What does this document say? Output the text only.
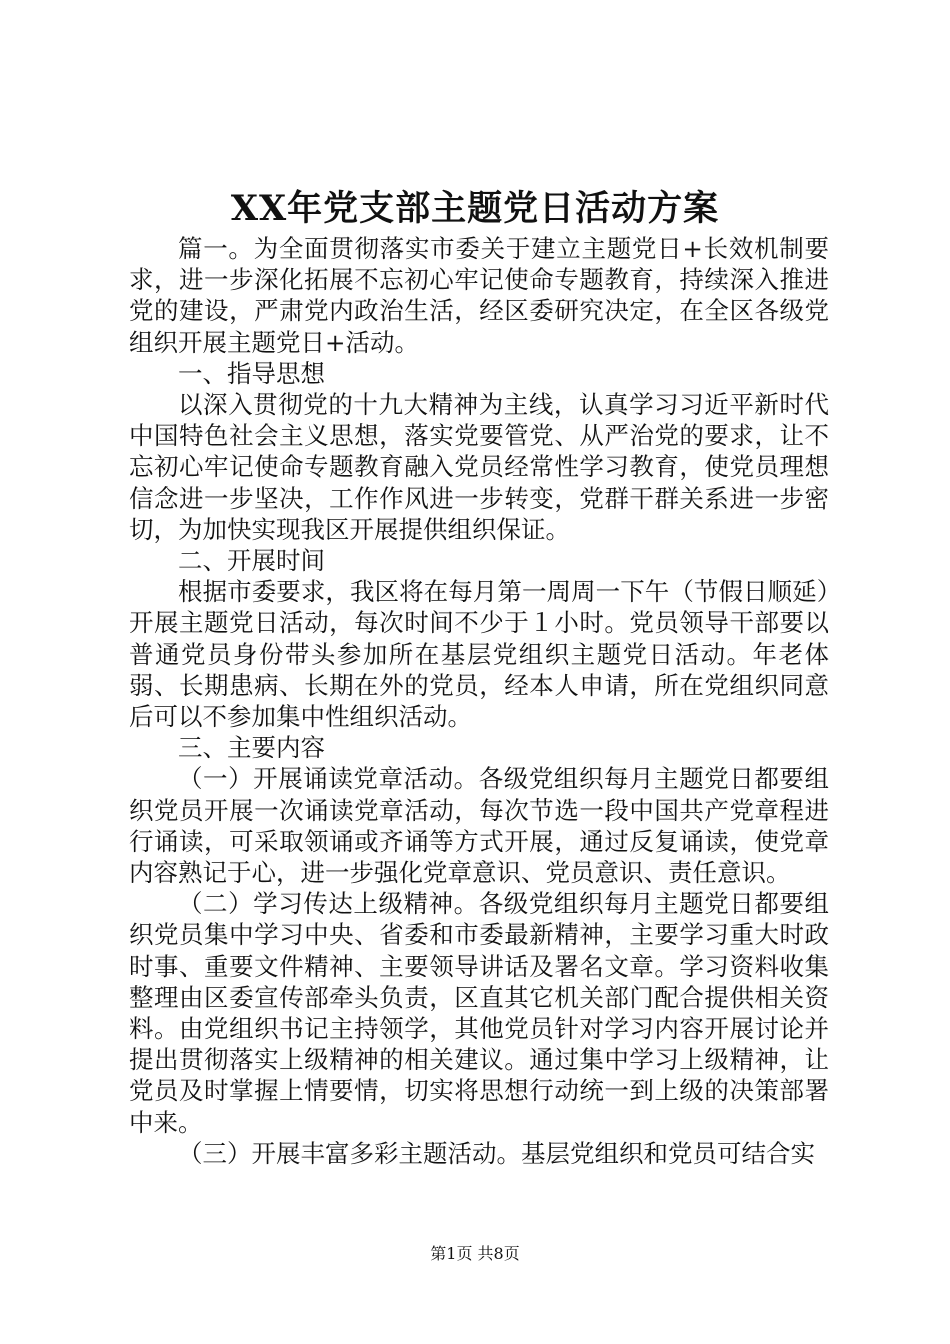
XX年党支部主题党日活动方案

篇一。为全面贯彻落实市委关于建立主题党日+长效机制要求，进一步深化拓展不忘初心牢记使命专题教育，持续深入推进党的建设，严肃党内政治生活，经区委研究决定，在全区各级党组织开展主题党日+活动。

一、指导思想

以深入贯彻党的十九大精神为主线，认真学习习近平新时代中国特色社会主义思想，落实党要管党、从严治党的要求，让不忘初心牢记使命专题教育融入党员经常性学习教育，使党员理想信念进一步坚决，工作作风进一步转变，党群干群关系进一步密切，为加快实现我区开展提供组织保证。

二、开展时间

根据市委要求，我区将在每月第一周周一下午（节假日顺延）开展主题党日活动，每次时间不少于１小时。党员领导干部要以普通党员身份带头参加所在基层党组织主题党日活动。年老体弱、长期患病、长期在外的党员，经本人申请，所在党组织同意后可以不参加集中性组织活动。

三、主要内容

（一）开展诵读党章活动。各级党组织每月主题党日都要组织党员开展一次诵读党章活动，每次节选一段中国共产党章程进行诵读，可采取领诵或齐诵等方式开展，通过反复诵读，使党章内容熟记于心，进一步强化党章意识、党员意识、责任意识。

（二）学习传达上级精神。各级党组织每月主题党日都要组织党员集中学习中央、省委和市委最新精神，主要学习重大时政时事、重要文件精神、主要领导讲话及署名文章。学习资料收集整理由区委宣传部牵头负责，区直其它机关部门配合提供相关资料。由党组织书记主持领学，其他党员针对学习内容开展讨论并提出贯彻落实上级精神的相关建议。通过集中学习上级精神，让党员及时掌握上情要情，切实将思想行动统一到上级的决策部署中来。

（三）开展丰富多彩主题活动。基层党组织和党员可结合实

第1页 共8页
